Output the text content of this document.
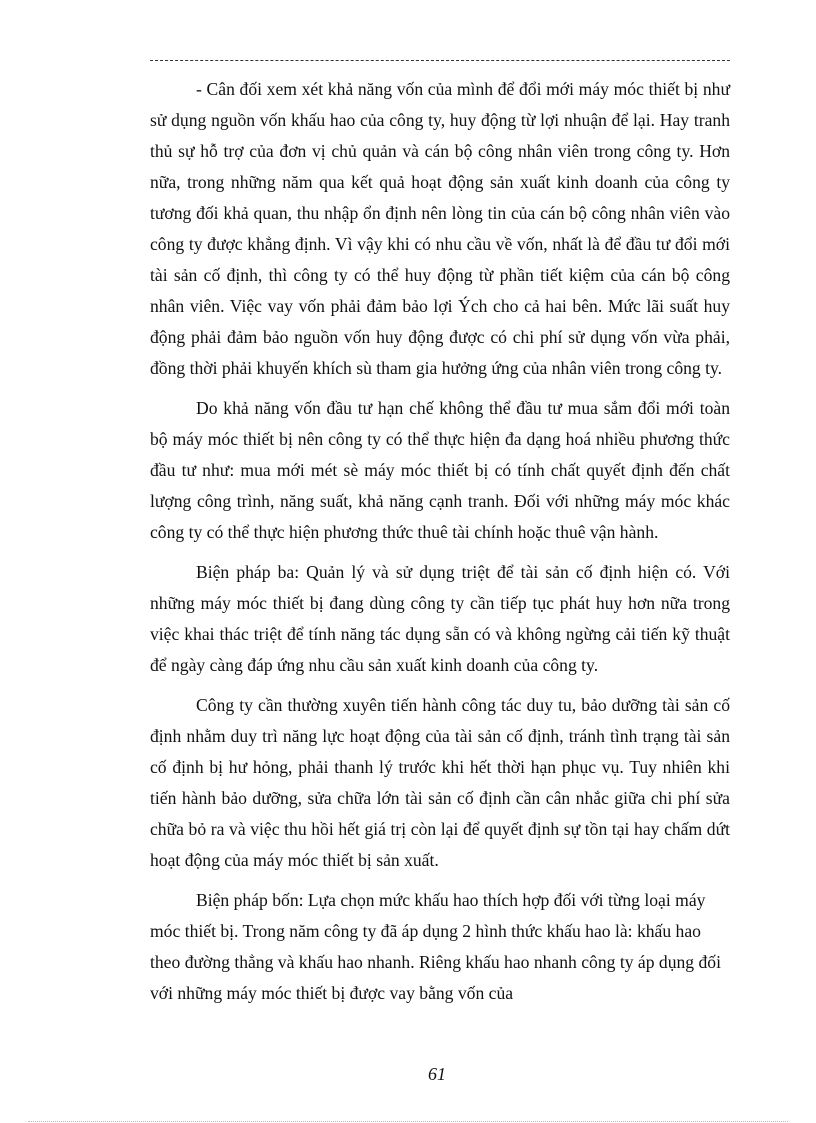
- Cân đối xem xét khả năng vốn của mình để đổi mới máy móc thiết bị như sử dụng nguồn vốn khấu hao của công ty, huy động từ lợi nhuận để lại. Hay tranh thủ sự hỗ trợ của đơn vị chủ quản và cán bộ công nhân viên trong công ty. Hơn nữa, trong những năm qua kết quả hoạt động sản xuất kinh doanh của công ty tương đối khả quan, thu nhập ổn định nên lòng tin của cán bộ công nhân viên vào công ty được khẳng định. Vì vậy khi có nhu cầu về vốn, nhất là để đầu tư đổi mới tài sản cố định, thì công ty có thể huy động từ phần tiết kiệm của cán bộ công nhân viên. Việc vay vốn phải đảm bảo lợi Ých cho cả hai bên. Mức lãi suất huy động phải đảm bảo nguồn vốn huy động được có chi phí sử dụng vốn vừa phải, đồng thời phải khuyến khích sù tham gia hưởng ứng của nhân viên trong công ty.

Do khả năng vốn đầu tư hạn chế không thể đầu tư mua sắm đổi mới toàn bộ máy móc thiết bị nên công ty có thể thực hiện đa dạng hoá nhiều phương thức đầu tư như: mua mới mét sè máy móc thiết bị có tính chất quyết định đến chất lượng công trình, năng suất, khả năng cạnh tranh. Đối với những máy móc khác công ty có thể thực hiện phương thức thuê tài chính hoặc thuê vận hành.

Biện pháp ba: Quản lý và sử dụng triệt để tài sản cố định hiện có. Với những máy móc thiết bị đang dùng công ty cần tiếp tục phát huy hơn nữa trong việc khai thác triệt để tính năng tác dụng sẵn có và không ngừng cải tiến kỹ thuật để ngày càng đáp ứng nhu cầu sản xuất kinh doanh của công ty.

Công ty cần thường xuyên tiến hành công tác duy tu, bảo dưỡng tài sản cố định nhằm duy trì năng lực hoạt động của tài sản cố định, tránh tình trạng tài sản cố định bị hư hỏng, phải thanh lý trước khi hết thời hạn phục vụ. Tuy nhiên khi tiến hành bảo dưỡng, sửa chữa lớn tài sản cố định cần cân nhắc giữa chi phí sửa chữa bỏ ra và việc thu hồi hết giá trị còn lại để quyết định sự tồn tại hay chấm dứt hoạt động của máy móc thiết bị sản xuất.

Biện pháp bốn: Lựa chọn mức khấu hao thích hợp đối với từng loại máy móc thiết bị. Trong năm công ty đã áp dụng 2 hình thức khấu hao là: khấu hao theo đường thẳng và khấu hao nhanh. Riêng khấu hao nhanh công ty áp dụng đối với những máy móc thiết bị được vay bằng vốn của

61
